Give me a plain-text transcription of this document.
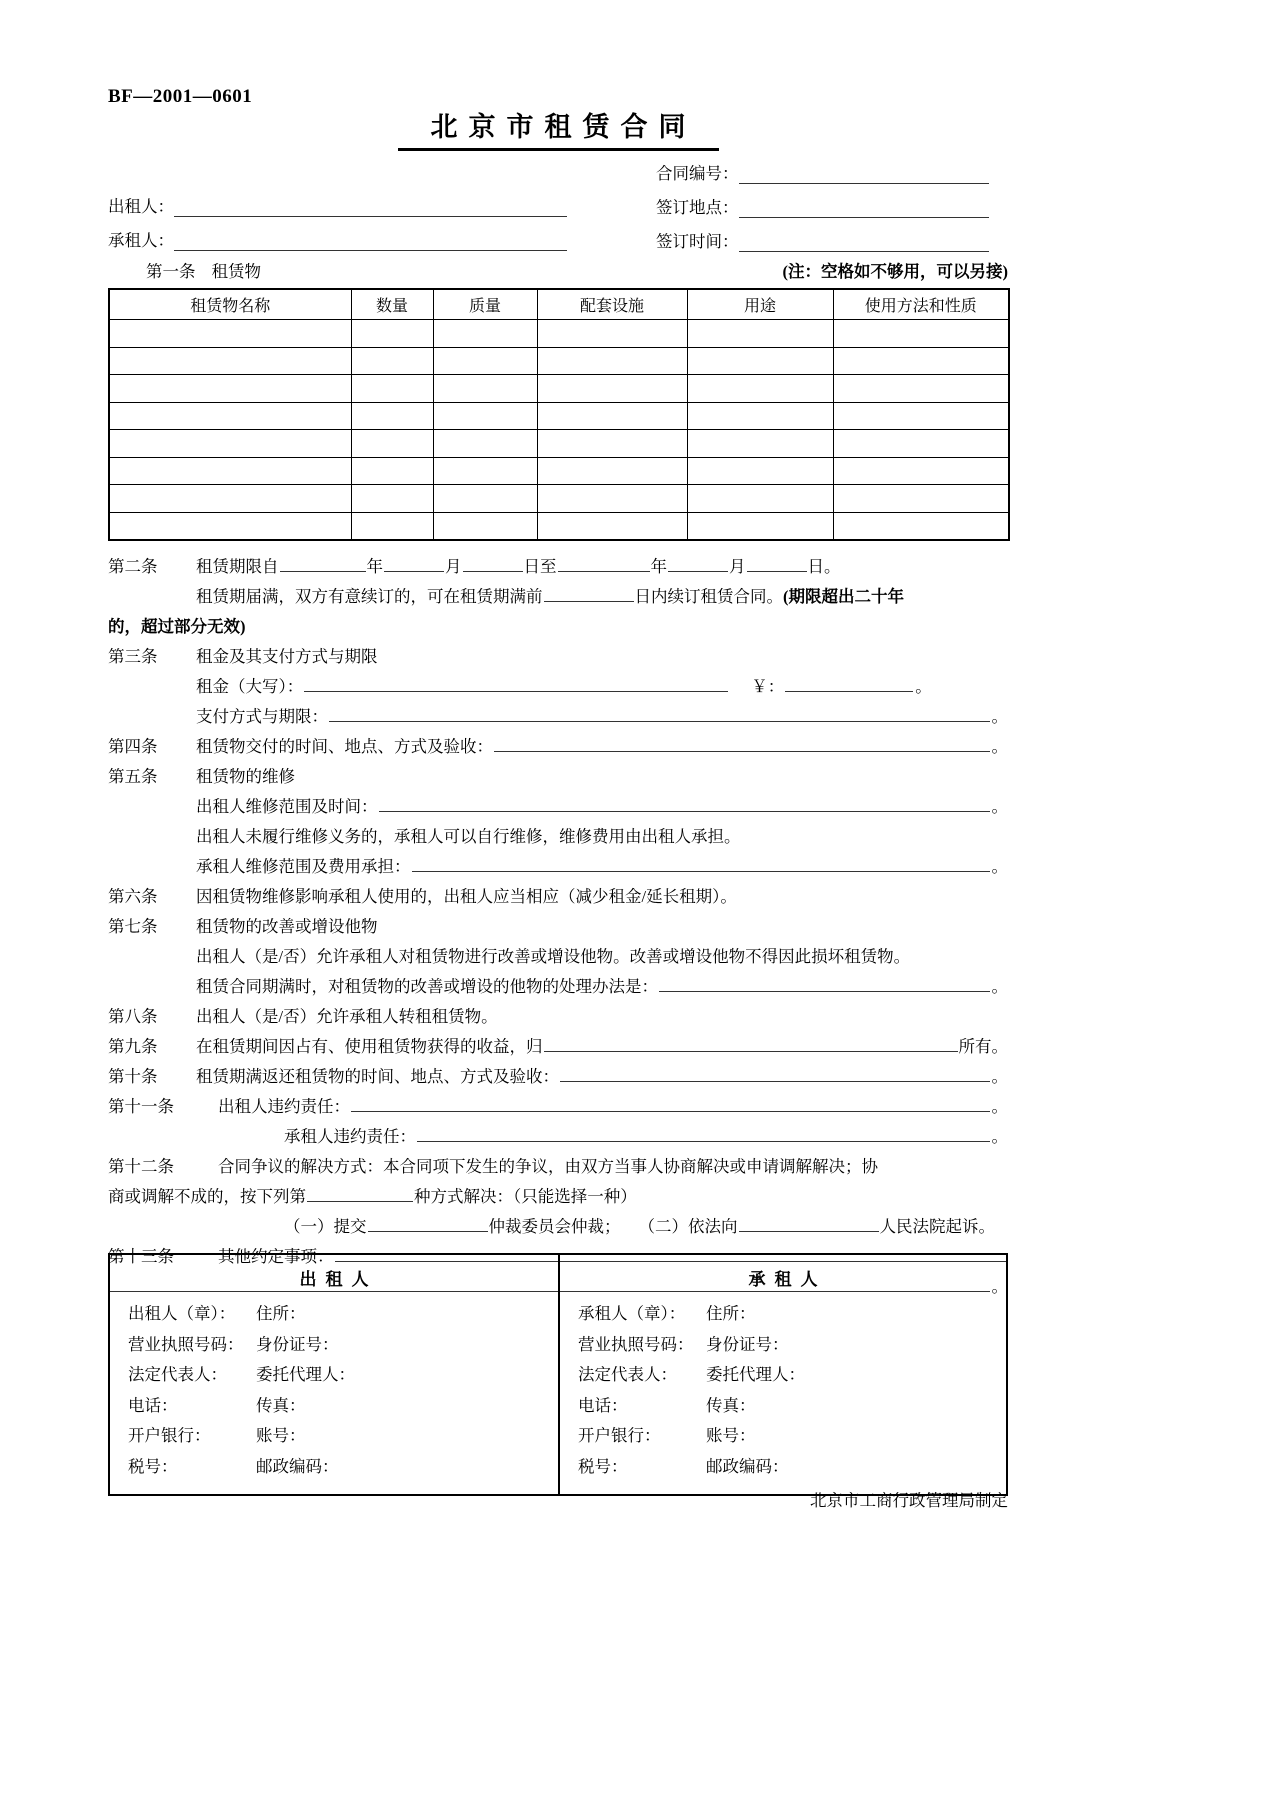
BF—2001—0601
北京市租赁合同
出租人：
承租人：
合同编号：
签订地点：
签订时间：
第一条 租赁物	(注：空格如不够用，可以另接)
租赁物名称	数量	质量	配套设施	用途	使用方法和性质

第二条	租赁期限自	年	月	日至	年	月	日。
租赁期届满，双方有意续订的，可在租赁期满前	日内续订租赁合同。 (期限超出二十年
的，超过部分无效)
第三条	租金及其支付方式与期限
租金（大写）：	￥：	。
支付方式与期限：	。
第四条	租赁物交付的时间、地点、方式及验收：	。
第五条	租赁物的维修
出租人维修范围及时间：	。
出租人未履行维修义务的，承租人可以自行维修，维修费用由出租人承担。
承租人维修范围及费用承担：	。
第六条	因租赁物维修影响承租人使用的，出租人应当相应（减少租金/延长租期）。
第七条	租赁物的改善或增设他物
出租人（是/否）允许承租人对租赁物进行改善或增设他物。改善或增设他物不得因此损坏租赁物。
租赁合同期满时，对租赁物的改善或增设的他物的处理办法是：	。
第八条	出租人（是/否）允许承租人转租租赁物。
第九条	在租赁期间因占有、使用租赁物获得的收益，归	所有。
第十条	租赁期满返还租赁物的时间、地点、方式及验收：	。
第十一条	出租人违约责任：	。
承租人违约责任：	。
第十二条	合同争议的解决方式：本合同项下发生的争议，由双方当事人协商解决或申请调解解决；协
商或调解不成的，按下列第	种方式解决：（只能选择一种）
（一）提交	仲裁委员会仲裁； （二）依法向	人民法院起诉。
第十三条	其他约定事项：
。
出租人
出租人（章）：	住所：
营业执照号码： 身份证号：
法定代表人：	委托代理人：
电话：	传真：
开户银行：	账号：
税号：	邮政编码：
承租人
承租人（章）：	住所：
营业执照号码： 身份证号：
法定代表人：	委托代理人：
电话：	传真：
开户银行：	账号：
税号：	邮政编码：
北京市工商行政管理局制定
